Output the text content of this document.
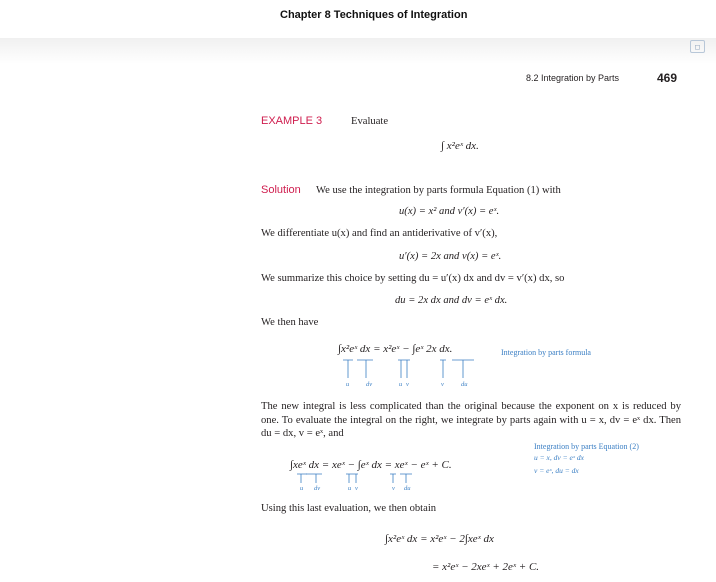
Chapter 8 Techniques of Integration
◻
8.2 Integration by Parts	469
EXAMPLE 3	Evaluate
∫ x²eˣ dx.
Solution We use the integration by parts formula Equation (1) with
u(x) = x² and v′(x) = eˣ.
We differentiate u(x) and find an antiderivative of v′(x),
u′(x) = 2x and v(x) = eˣ.
We summarize this choice by setting du = u′(x) dx and dv = v′(x) dx, so
du = 2x dx and dv = eˣ dx.
We then have
∫x²eˣ dx = x²eˣ − ∫eˣ 2x dx.	Integration by parts formula
u	dv	u v	v	du
The new integral is less complicated than the original because the exponent on x is reduced by one. To evaluate the integral on the right, we integrate by parts again with u = x, dv = eˣ dx. Then du = dx, v = eˣ, and
Integration by parts Equation (2)
u = x, dv = eˣ dx
v = eˣ, du = dx
∫xeˣ dx = xeˣ − ∫eˣ dx = xeˣ − eˣ + C.
u dv	u v	v du
Using this last evaluation, we then obtain
∫x²eˣ dx = x²eˣ − 2∫xeˣ dx
= x²eˣ − 2xeˣ + 2eˣ + C.
